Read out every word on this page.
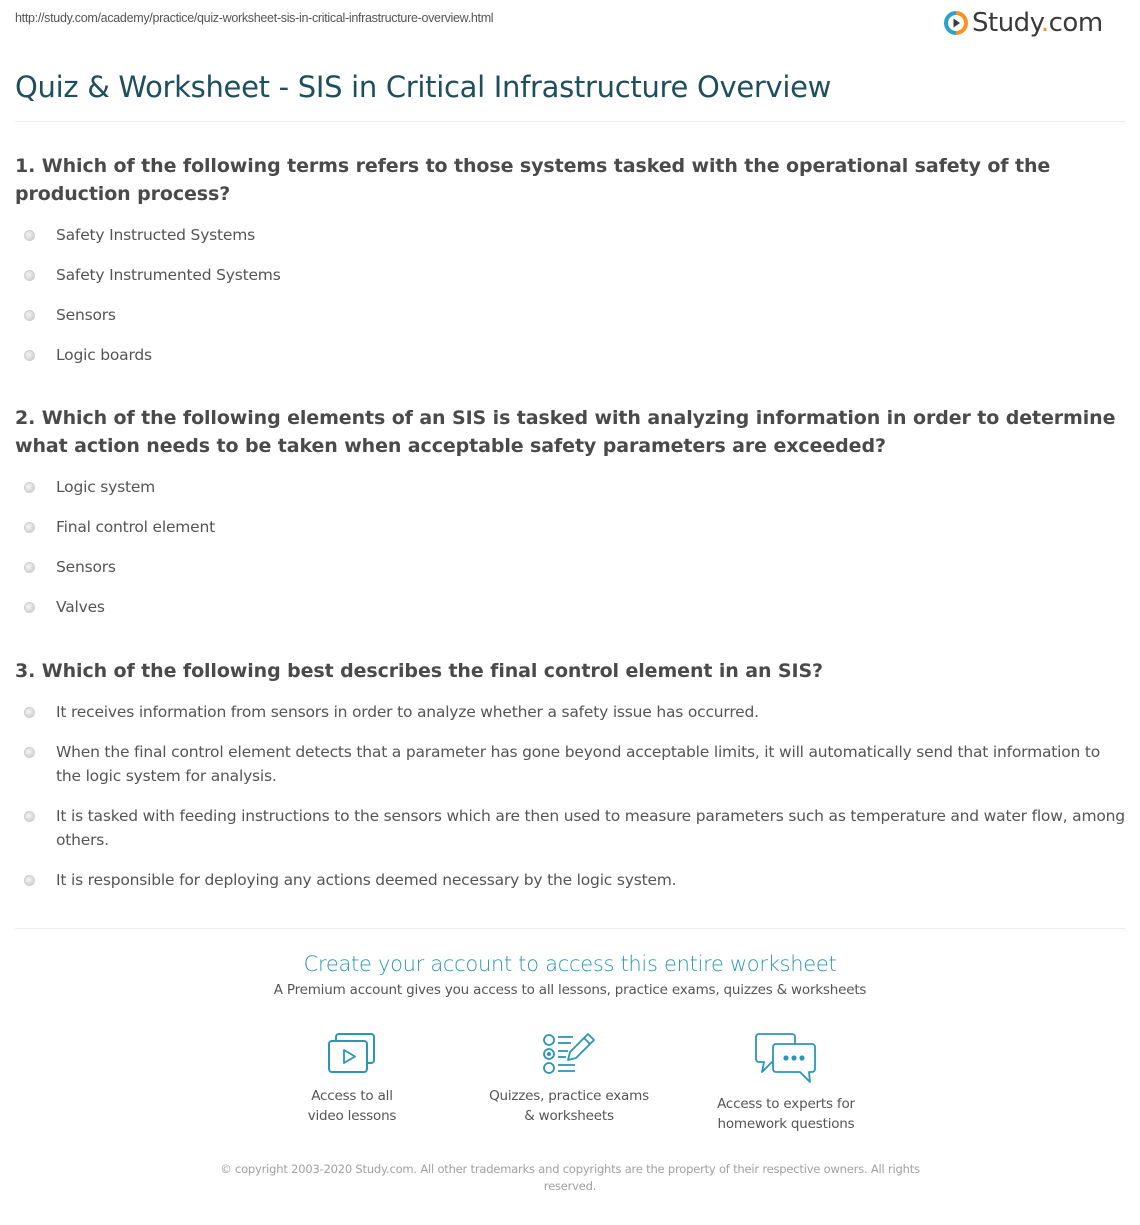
http://study.com/academy/practice/quiz-worksheet-sis-in-critical-infrastructure-overview.html	Study.com
Quiz & Worksheet - SIS in Critical Infrastructure Overview
1. Which of the following terms refers to those systems tasked with the operational safety of the production process?
Safety Instructed Systems
Safety Instrumented Systems
Sensors
Logic boards
2. Which of the following elements of an SIS is tasked with analyzing information in order to determine what action needs to be taken when acceptable safety parameters are exceeded?
Logic system
Final control element
Sensors
Valves
3. Which of the following best describes the final control element in an SIS?
It receives information from sensors in order to analyze whether a safety issue has occurred.
When the final control element detects that a parameter has gone beyond acceptable limits, it will automatically send that information to the logic system for analysis.
It is tasked with feeding instructions to the sensors which are then used to measure parameters such as temperature and water flow, among others.
It is responsible for deploying any actions deemed necessary by the logic system.
Create your account to access this entire worksheet
A Premium account gives you access to all lessons, practice exams, quizzes & worksheets
Access to all
video lessons
Quizzes, practice exams
& worksheets
Access to experts for
homework questions
© copyright 2003-2020 Study.com. All other trademarks and copyrights are the property of their respective owners. All rights reserved.
